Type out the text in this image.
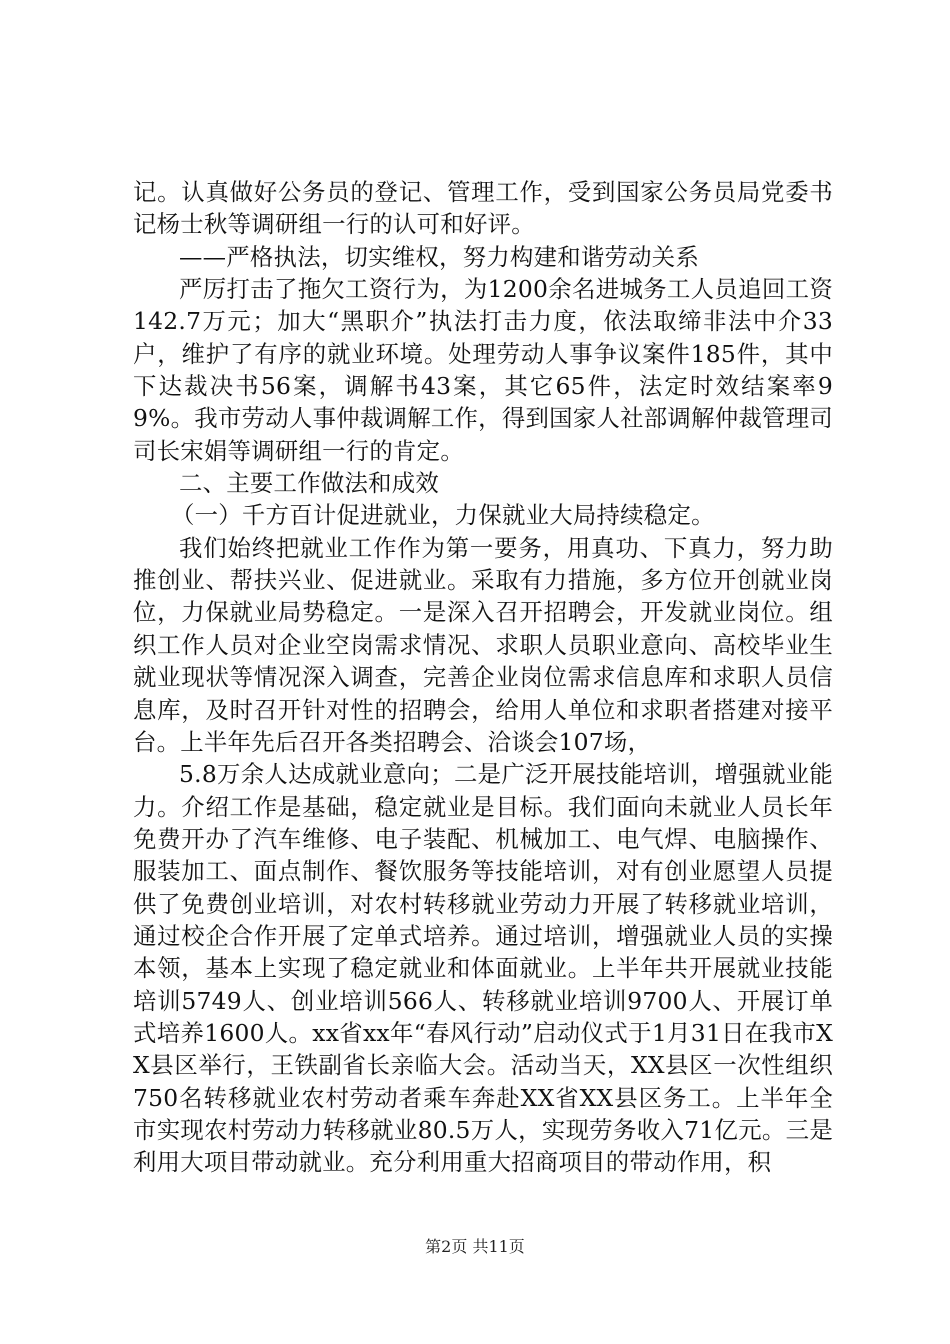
记。认真做好公务员的登记、管理工作，受到国家公务员局党委书记杨士秋等调研组一行的认可和好评。

——严格执法，切实维权，努力构建和谐劳动关系

严厉打击了拖欠工资行为，为1200余名进城务工人员追回工资142.7万元；加大“黑职介”执法打击力度，依法取缔非法中介33户，维护了有序的就业环境。处理劳动人事争议案件185件，其中下达裁决书56案，调解书43案，其它65件，法定时效结案率99%。我市劳动人事仲裁调解工作，得到国家人社部调解仲裁管理司司长宋娟等调研组一行的肯定。

二、主要工作做法和成效

（一）千方百计促进就业，力保就业大局持续稳定。

我们始终把就业工作作为第一要务，用真功、下真力，努力助推创业、帮扶兴业、促进就业。采取有力措施，多方位开创就业岗位，力保就业局势稳定。一是深入召开招聘会，开发就业岗位。组织工作人员对企业空岗需求情况、求职人员职业意向、高校毕业生就业现状等情况深入调查，完善企业岗位需求信息库和求职人员信息库，及时召开针对性的招聘会，给用人单位和求职者搭建对接平台。上半年先后召开各类招聘会、洽谈会107场，

5.8万余人达成就业意向；二是广泛开展技能培训，增强就业能力。介绍工作是基础，稳定就业是目标。我们面向未就业人员长年免费开办了汽车维修、电子装配、机械加工、电气焊、电脑操作、服装加工、面点制作、餐饮服务等技能培训，对有创业愿望人员提供了免费创业培训，对农村转移就业劳动力开展了转移就业培训，通过校企合作开展了定单式培养。通过培训，增强就业人员的实操本领，基本上实现了稳定就业和体面就业。上半年共开展就业技能培训5749人、创业培训566人、转移就业培训9700人、开展订单式培养1600人。xx省xx年“春风行动”启动仪式于1月31日在我市XX县区举行，王铁副省长亲临大会。活动当天，XX县区一次性组织750名转移就业农村劳动者乘车奔赴XX省XX县区务工。上半年全市实现农村劳动力转移就业80.5万人，实现劳务收入71亿元。三是利用大项目带动就业。充分利用重大招商项目的带动作用，积

第2页 共11页
